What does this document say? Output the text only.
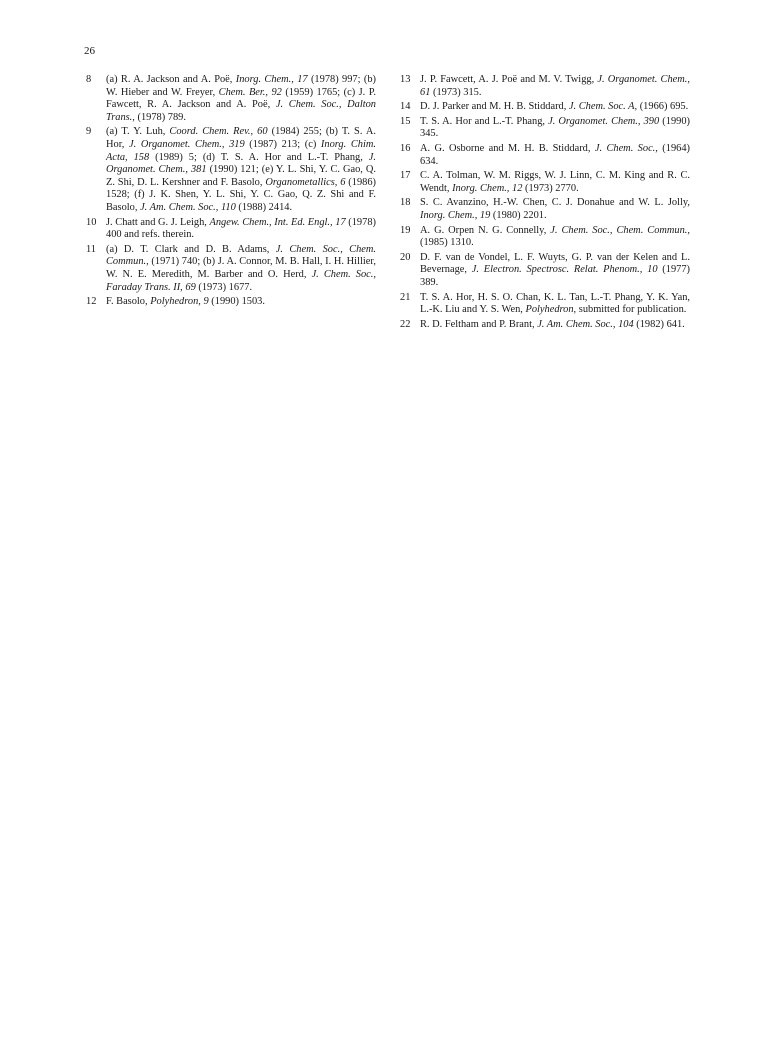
26
8	(a) R. A. Jackson and A. Poë, Inorg. Chem., 17 (1978) 997; (b) W. Hieber and W. Freyer, Chem. Ber., 92 (1959) 1765; (c) J. P. Fawcett, R. A. Jackson and A. Poë, J. Chem. Soc., Dalton Trans., (1978) 789.
9	(a) T. Y. Luh, Coord. Chem. Rev., 60 (1984) 255; (b) T. S. A. Hor, J. Organomet. Chem., 319 (1987) 213; (c) Inorg. Chim. Acta, 158 (1989) 5; (d) T. S. A. Hor and L.-T. Phang, J. Organomet. Chem., 381 (1990) 121; (e) Y. L. Shi, Y. C. Gao, Q. Z. Shi, D. L. Kershner and F. Basolo, Organometallics, 6 (1986) 1528; (f) J. K. Shen, Y. L. Shi, Y. C. Gao, Q. Z. Shi and F. Basolo, J. Am. Chem. Soc., 110 (1988) 2414.
10 J. Chatt and G. J. Leigh, Angew. Chem., Int. Ed. Engl., 17 (1978) 400 and refs. therein.
11 (a) D. T. Clark and D. B. Adams, J. Chem. Soc., Chem. Commun., (1971) 740; (b) J. A. Connor, M. B. Hall, I. H. Hillier, W. N. E. Meredith, M. Barber and O. Herd, J. Chem. Soc., Faraday Trans. II, 69 (1973) 1677.
12 F. Basolo, Polyhedron, 9 (1990) 1503.
13 J. P. Fawcett, A. J. Poë and M. V. Twigg, J. Organomet. Chem., 61 (1973) 315.
14 D. J. Parker and M. H. B. Stiddard, J. Chem. Soc. A, (1966) 695.
15 T. S. A. Hor and L.-T. Phang, J. Organomet. Chem., 390 (1990) 345.
16 A. G. Osborne and M. H. B. Stiddard, J. Chem. Soc., (1964) 634.
17 C. A. Tolman, W. M. Riggs, W. J. Linn, C. M. King and R. C. Wendt, Inorg. Chem., 12 (1973) 2770.
18 S. C. Avanzino, H.-W. Chen, C. J. Donahue and W. L. Jolly, Inorg. Chem., 19 (1980) 2201.
19 A. G. Orpen N. G. Connelly, J. Chem. Soc., Chem. Commun., (1985) 1310.
20 D. F. van de Vondel, L. F. Wuyts, G. P. van der Kelen and L. Bevernage, J. Electron. Spectrosc. Relat. Phenom., 10 (1977) 389.
21 T. S. A. Hor, H. S. O. Chan, K. L. Tan, L.-T. Phang, Y. K. Yan, L.-K. Liu and Y. S. Wen, Polyhedron, submitted for publication.
22 R. D. Feltham and P. Brant, J. Am. Chem. Soc., 104 (1982) 641.
